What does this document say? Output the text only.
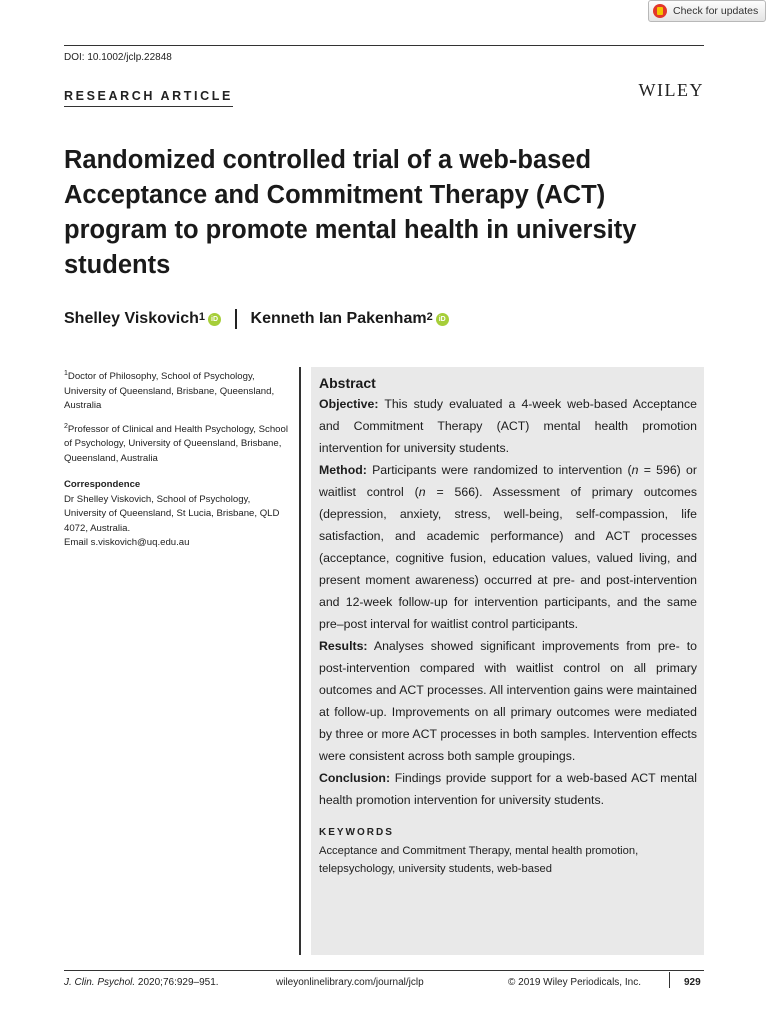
Check for updates
DOI: 10.1002/jclp.22848
RESEARCH ARTICLE	WILEY
Randomized controlled trial of a web-based Acceptance and Commitment Therapy (ACT) program to promote mental health in university students
Shelley Viskovich$^1$ iD Kenneth Ian Pakenham$^2$ iD

$^1$Doctor of Philosophy, School of Psychology, University of Queensland, Brisbane, Queensland, Australia

$^2$Professor of Clinical and Health Psychology, School of Psychology, University of Queensland, Brisbane, Queensland, Australia

Correspondence
Dr Shelley Viskovich, School of Psychology, University of Queensland, St Lucia, Brisbane, QLD 4072, Australia.
Email s.viskovich@uq.edu.au
Abstract

Objective: This study evaluated a 4-week web-based Acceptance and Commitment Therapy (ACT) mental health promotion intervention for university students.

Method: Participants were randomized to intervention (n = 596) or waitlist control (n = 566). Assessment of primary outcomes (depression, anxiety, stress, well-being, self-compassion, life satisfaction, and academic performance) and ACT processes (acceptance, cognitive fusion, education values, valued living, and present moment awareness) occurred at pre- and post-intervention and 12-week follow-up for intervention participants, and the same pre–post interval for waitlist control participants.

Results: Analyses showed significant improvements from pre- to post-intervention compared with waitlist control on all primary outcomes and ACT processes. All intervention gains were maintained at follow-up. Improvements on all primary outcomes were mediated by three or more ACT processes in both samples. Intervention effects were consistent across both sample groupings.

Conclusion: Findings provide support for a web-based ACT mental health promotion intervention for university students.

KEYWORDS
Acceptance and Commitment Therapy, mental health promotion, telepsychology, university students, web-based
J. Clin. Psychol. 2020;76:929–951.	wileyonlinelibrary.com/journal/jclp	© 2019 Wiley Periodicals, Inc.	929
